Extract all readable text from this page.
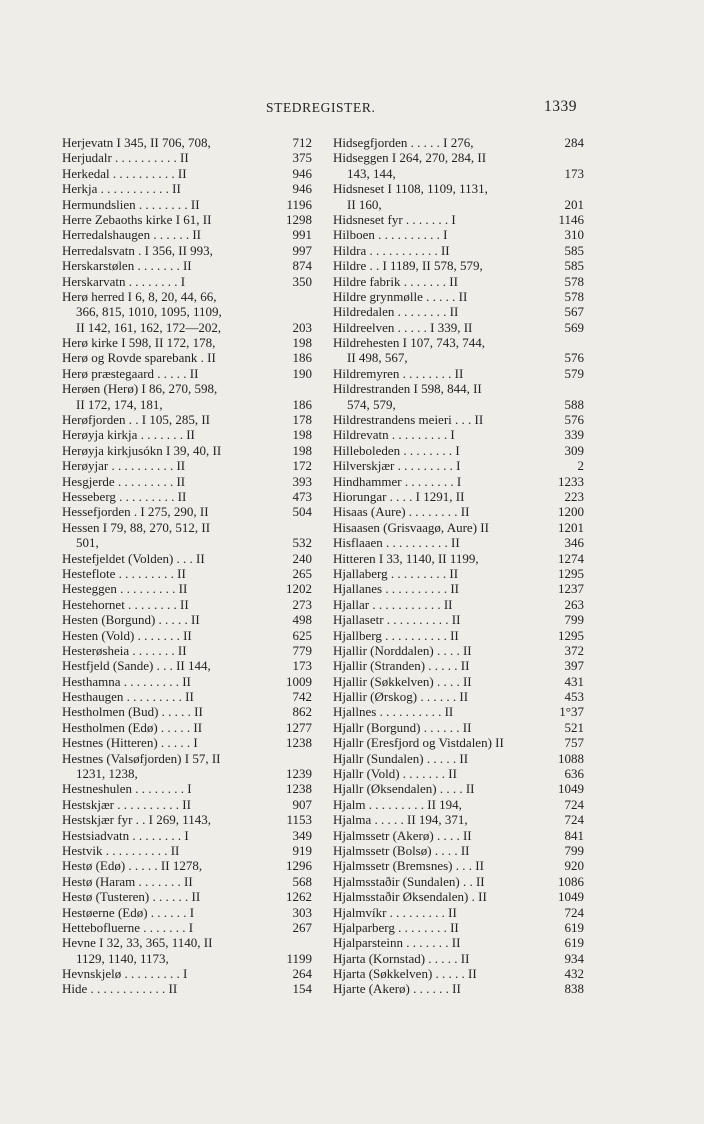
STEDREGISTER.	1339
Herjevatn I 345, II 706, 708,	712
Herjudalr . . . . . . . . . . II	375
Herkedal . . . . . . . . . . II	946
Herkja . . . . . . . . . . . II	946
Hermundslien . . . . . . . . II	1196
Herre Zebaoths kirke I 61, II	1298
Herredalshaugen . . . . . . II	991
Herredalsvatn . I 356, II 993,	997
Herskarstølen . . . . . . . II	874
Herskarvatn . . . . . . . . I	350
Herø herred I 6, 8, 20, 44, 66,
366, 815, 1010, 1095, 1109,
II 142, 161, 162, 172—202,	203
Herø kirke I 598, II 172, 178,	198
Herø og Rovde sparebank . II	186
Herø præstegaard . . . . . II	190
Herøen (Herø) I 86, 270, 598,
II 172, 174, 181,	186
Herøfjorden . . I 105, 285, II	178
Herøyja kirkja . . . . . . . II	198
Herøyja kirkjusókn I 39, 40, II	198
Herøyjar . . . . . . . . . . II	172
Hesgjerde . . . . . . . . . II	393
Hesseberg . . . . . . . . . II	473
Hessefjorden . I 275, 290, II	504
Hessen I 79, 88, 270, 512, II
501,	532
Hestefjeldet (Volden) . . . II	240
Hesteflote . . . . . . . . . II	265
Hesteggen . . . . . . . . . II	1202
Hestehornet . . . . . . . . II	273
Hesten (Borgund) . . . . . II	498
Hesten (Vold) . . . . . . . II	625
Hesterøsheia . . . . . . . II	779
Hestfjeld (Sande) . . . II 144,	173
Hesthamna . . . . . . . . . II	1009
Hesthaugen . . . . . . . . . II	742
Hestholmen (Bud) . . . . . II	862
Hestholmen (Edø) . . . . . II	1277
Hestnes (Hitteren) . . . . . I	1238
Hestnes (Valsøfjorden) I 57, II
1231, 1238,	1239
Hestneshulen . . . . . . . . I	1238
Hestskjær . . . . . . . . . . II	907
Hestskjær fyr . . I 269, 1143,	1153
Hestsiadvatn . . . . . . . . I	349
Hestvik . . . . . . . . . . II	919
Hestø (Edø) . . . . . II 1278,	1296
Hestø (Haram . . . . . . . II	568
Hestø (Tusteren) . . . . . . II	1262
Hestøerne (Edø) . . . . . . I	303
Hettebofluerne . . . . . . . I	267
Hevne I 32, 33, 365, 1140, II
1129, 1140, 1173,	1199
Hevnskjelø . . . . . . . . . I	264
Hide . . . . . . . . . . . . II	154
Hidsegfjorden . . . . . I 276,	284
Hidseggen I 264, 270, 284, II
143, 144,	173
Hidsneset I 1108, 1109, 1131,
II 160,	201
Hidsneset fyr . . . . . . . I	1146
Hilboen . . . . . . . . . . I	310
Hildra . . . . . . . . . . . II	585
Hildre . . I 1189, II 578, 579,	585
Hildre fabrik . . . . . . . II	578
Hildre grynmølle . . . . . II	578
Hildredalen . . . . . . . . II	567
Hildreelven . . . . . I 339, II	569
Hildrehesten I 107, 743, 744,
II 498, 567,	576
Hildremyren . . . . . . . . II	579
Hildrestranden I 598, 844, II
574, 579,	588
Hildrestrandens meieri . . . II	576
Hildrevatn . . . . . . . . . I	339
Hilleboleden . . . . . . . . I	309
Hilverskjær . . . . . . . . . I	2
Hindhammer . . . . . . . . I	1233
Hiorungar . . . . I 1291, II	223
Hisaas (Aure) . . . . . . . . II	1200
Hisaasen (Grisvaagø, Aure) II	1201
Hisflaaen . . . . . . . . . . II	346
Hitteren I 33, 1140, II 1199,	1274
Hjallaberg . . . . . . . . . II	1295
Hjallanes . . . . . . . . . . II	1237
Hjallar . . . . . . . . . . . II	263
Hjallasetr . . . . . . . . . . II	799
Hjallberg . . . . . . . . . . II	1295
Hjallir (Norddalen) . . . . II	372
Hjallir (Stranden) . . . . . II	397
Hjallir (Søkkelven) . . . . II	431
Hjallir (Ørskog) . . . . . . II	453
Hjallnes . . . . . . . . . . II	1°37
Hjallr (Borgund) . . . . . . II	521
Hjallr (Eresfjord og Vistdalen) II	757
Hjallr (Sundalen) . . . . . II	1088
Hjallr (Vold) . . . . . . . II	636
Hjallr (Øksendalen) . . . . II	1049
Hjalm . . . . . . . . . II 194,	724
Hjalma . . . . . II 194, 371,	724
Hjalmssetr (Akerø) . . . . II	841
Hjalmssetr (Bolsø) . . . . II	799
Hjalmssetr (Bremsnes) . . . II	920
Hjalmsstaðir (Sundalen) . . II	1086
Hjalmsstaðir Øksendalen) . II	1049
Hjalmvíkr . . . . . . . . . II	724
Hjalparberg . . . . . . . . II	619
Hjalparsteinn . . . . . . . II	619
Hjarta (Kornstad) . . . . . II	934
Hjarta (Søkkelven) . . . . . II	432
Hjarte (Akerø) . . . . . . II	838
